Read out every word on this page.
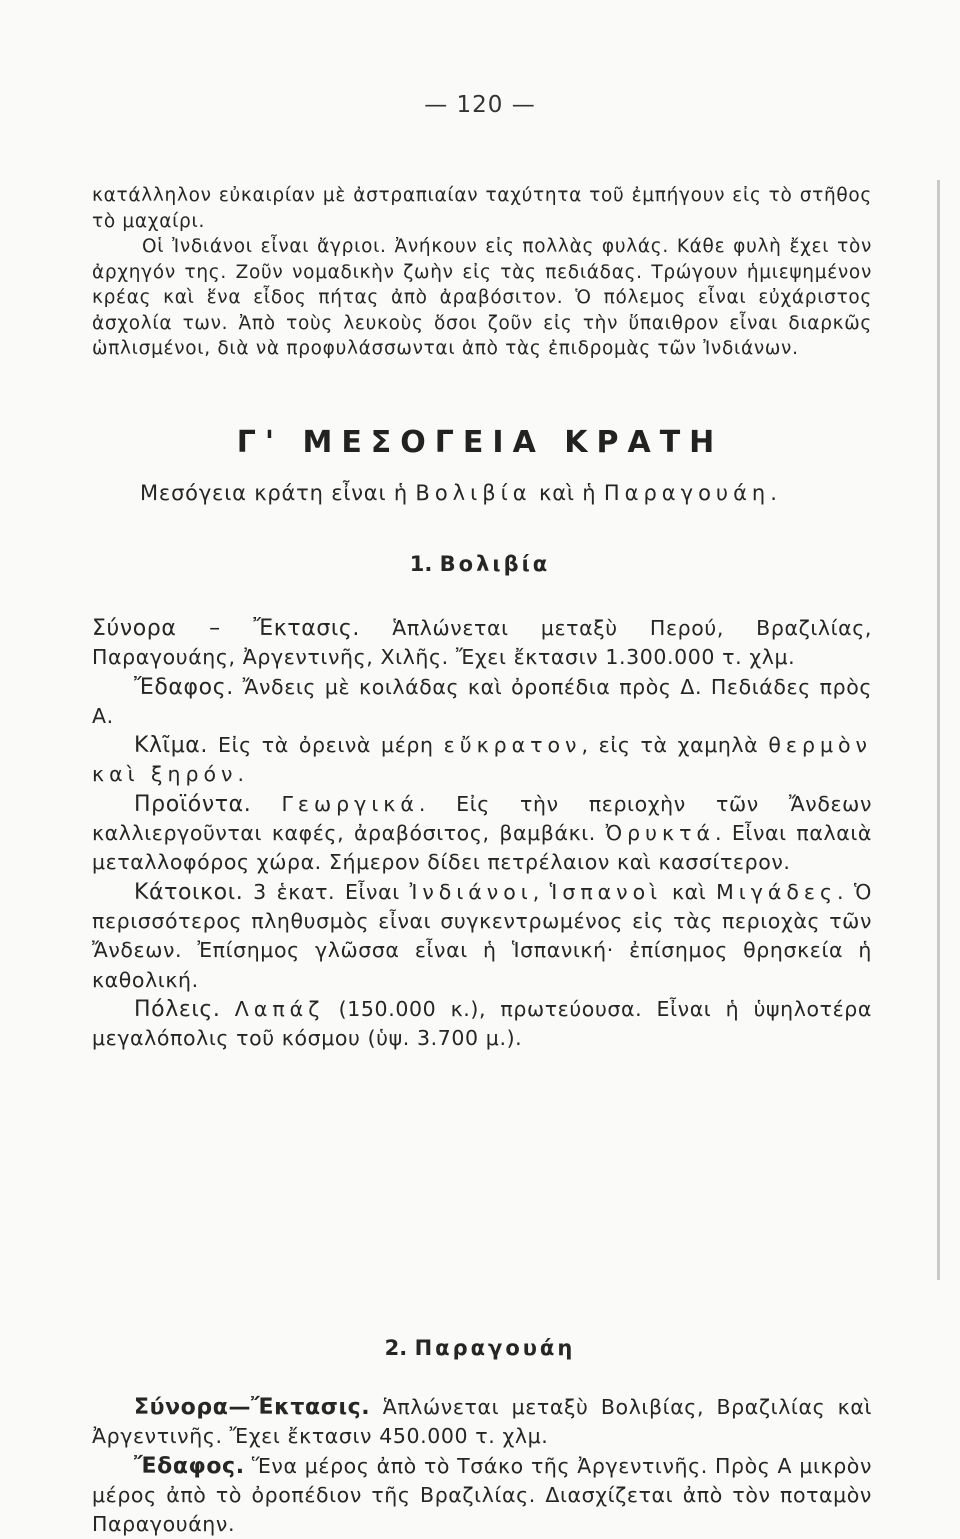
— 120 —

κατάλληλον εὐκαιρίαν μὲ ἀστραπιαίαν ταχύτητα τοῦ ἐμπήγουν εἰς τὸ στῆθος τὸ μαχαίρι.

Οἱ Ἰνδιάνοι εἶναι ἄγριοι. Ἀνήκουν εἰς πολλὰς φυλάς. Κάθε φυλὴ ἔχει τὸν ἀρχηγόν της. Ζοῦν νομαδικὴν ζωὴν εἰς τὰς πεδιάδας. Τρώγουν ἡμιεψημένον κρέας καὶ ἕνα εἶδος πήτας ἀπὸ ἀραβόσιτον. Ὁ πόλεμος εἶναι εὐχάριστος ἀσχολία των. Ἀπὸ τοὺς λευκοὺς ὅσοι ζοῦν εἰς τὴν ὕπαιθρον εἶναι διαρκῶς ὡπλισμένοι, διὰ νὰ προφυλάσσωνται ἀπὸ τὰς ἐπιδρομὰς τῶν Ἰνδιάνων.

Γ' ΜΕΣΟΓΕΙΑ ΚΡΑΤΗ
Μεσόγεια κράτη εἶναι ἡ Βολιβία καὶ ἡ Παραγουάη.
1. Βολιβία

Σύνορα – Ἔκτασις. Ἁπλώνεται μεταξὺ Περού, Βραζιλίας, Παραγουάης, Ἀργεντινῆς, Χιλῆς. Ἔχει ἔκτασιν 1.300.000 τ. χλμ.

Ἔδαφος. Ἄνδεις μὲ κοιλάδας καὶ ὀροπέδια πρὸς Δ. Πεδιάδες πρὸς Α.

Κλῖμα. Εἰς τὰ ὀρεινὰ μέρη εὔκρατον, εἰς τὰ χαμηλὰ θερμὸν καὶ ξηρόν.

Προϊόντα. Γεωργικά. Εἰς τὴν περιοχὴν τῶν Ἄνδεων καλλιεργοῦνται καφές, ἀραβόσιτος, βαμβάκι. Ὀρυκτά. Εἶναι παλαιὰ μεταλλοφόρος χώρα. Σήμερον δίδει πετρέλαιον καὶ κασσίτερον.

Κάτοικοι. 3 ἑκατ. Εἶναι Ἰνδιάνοι, Ἱσπανοὶ καὶ Μιγάδες. Ὁ περισσότερος πληθυσμὸς εἶναι συγκεντρωμένος εἰς τὰς περιοχὰς τῶν Ἄνδεων. Ἐπίσημος γλῶσσα εἶναι ἡ Ἱσπανική· ἐπίσημος θρησκεία ἡ καθολική.

Πόλεις. Λαπάζ (150.000 κ.), πρωτεύουσα. Εἶναι ἡ ὑψηλοτέρα μεγαλόπολις τοῦ κόσμου (ὑψ. 3.700 μ.).

2. Παραγουάη

Σύνορα—Ἔκτασις. Ἁπλώνεται μεταξὺ Βολιβίας, Βραζιλίας καὶ Ἀργεντινῆς. Ἔχει ἔκτασιν 450.000 τ. χλμ.

Ἔδαφος. Ἕνα μέρος ἀπὸ τὸ Τσάκο τῆς Ἀργεντινῆς. Πρὸς Α μικρὸν μέρος ἀπὸ τὸ ὀροπέδιον τῆς Βραζιλίας. Διασχίζεται ἀπὸ τὸν ποταμὸν Παραγουάην.
